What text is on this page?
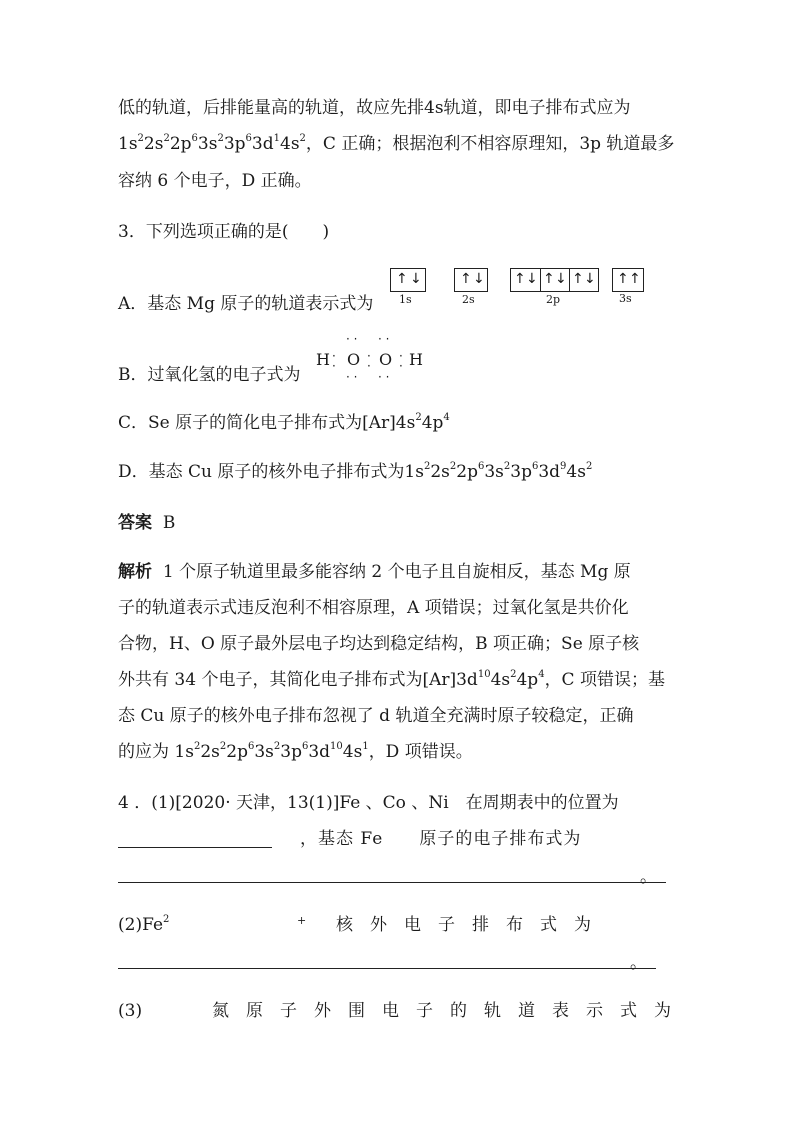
低的轨道，后排能量高的轨道，故应先排4s轨道，即电子排布式应为
$1s^22s^22p^63s^23p^63d^14s^2$，C 正确；根据泡利不相容原理知，3p 轨道最多
容纳 6 个电子，D 正确。
3．下列选项正确的是(　　)
A．基态 Mg 原子的轨道表示式为
↑ ↓
1s
↑ ↓
2s
↑ ↓ ↑ ↓ ↑ ↓
2p
↑ ↑
3s
B．过氧化氢的电子式为
H ·
· O
· ·
· ·
·
· O
· ·
· ·
·
· H
C．Se 原子的简化电子排布式为$[Ar]4s^24p^4$
D．基态 Cu 原子的核外电子排布式为$1s^22s^22p^63s^23p^63d^94s^2$
答案 B
解析 1 个原子轨道里最多能容纳 2 个电子且自旋相反，基态 Mg 原
子的轨道表示式违反泡利不相容原理，A 项错误；过氧化氢是共价化
合物，H、O 原子最外层电子均达到稳定结构，B 项正确；Se 原子核
外共有 34 个电子，其简化电子排布式为$[Ar]3d^{10}4s^24p^4$，C 项错误；基
态 Cu 原子的核外电子排布忽视了 d 轨道全充满时原子较稳定，正确
的应为 $1s^22s^22p^63s^23p^63d^{10}4s^1$，D 项错误。
4 ．(1)[2020· 天津，13(1)]Fe 、Co 、Ni　在周期表中的位置为
，基态 Fe　　原子的电子排布式为
。
$(2)Fe^2$	+ 核　外　电　子　排　布　式　为
。
(3)	氮　原　子　外　围　电　子　的　轨　道　表　示　式　为
